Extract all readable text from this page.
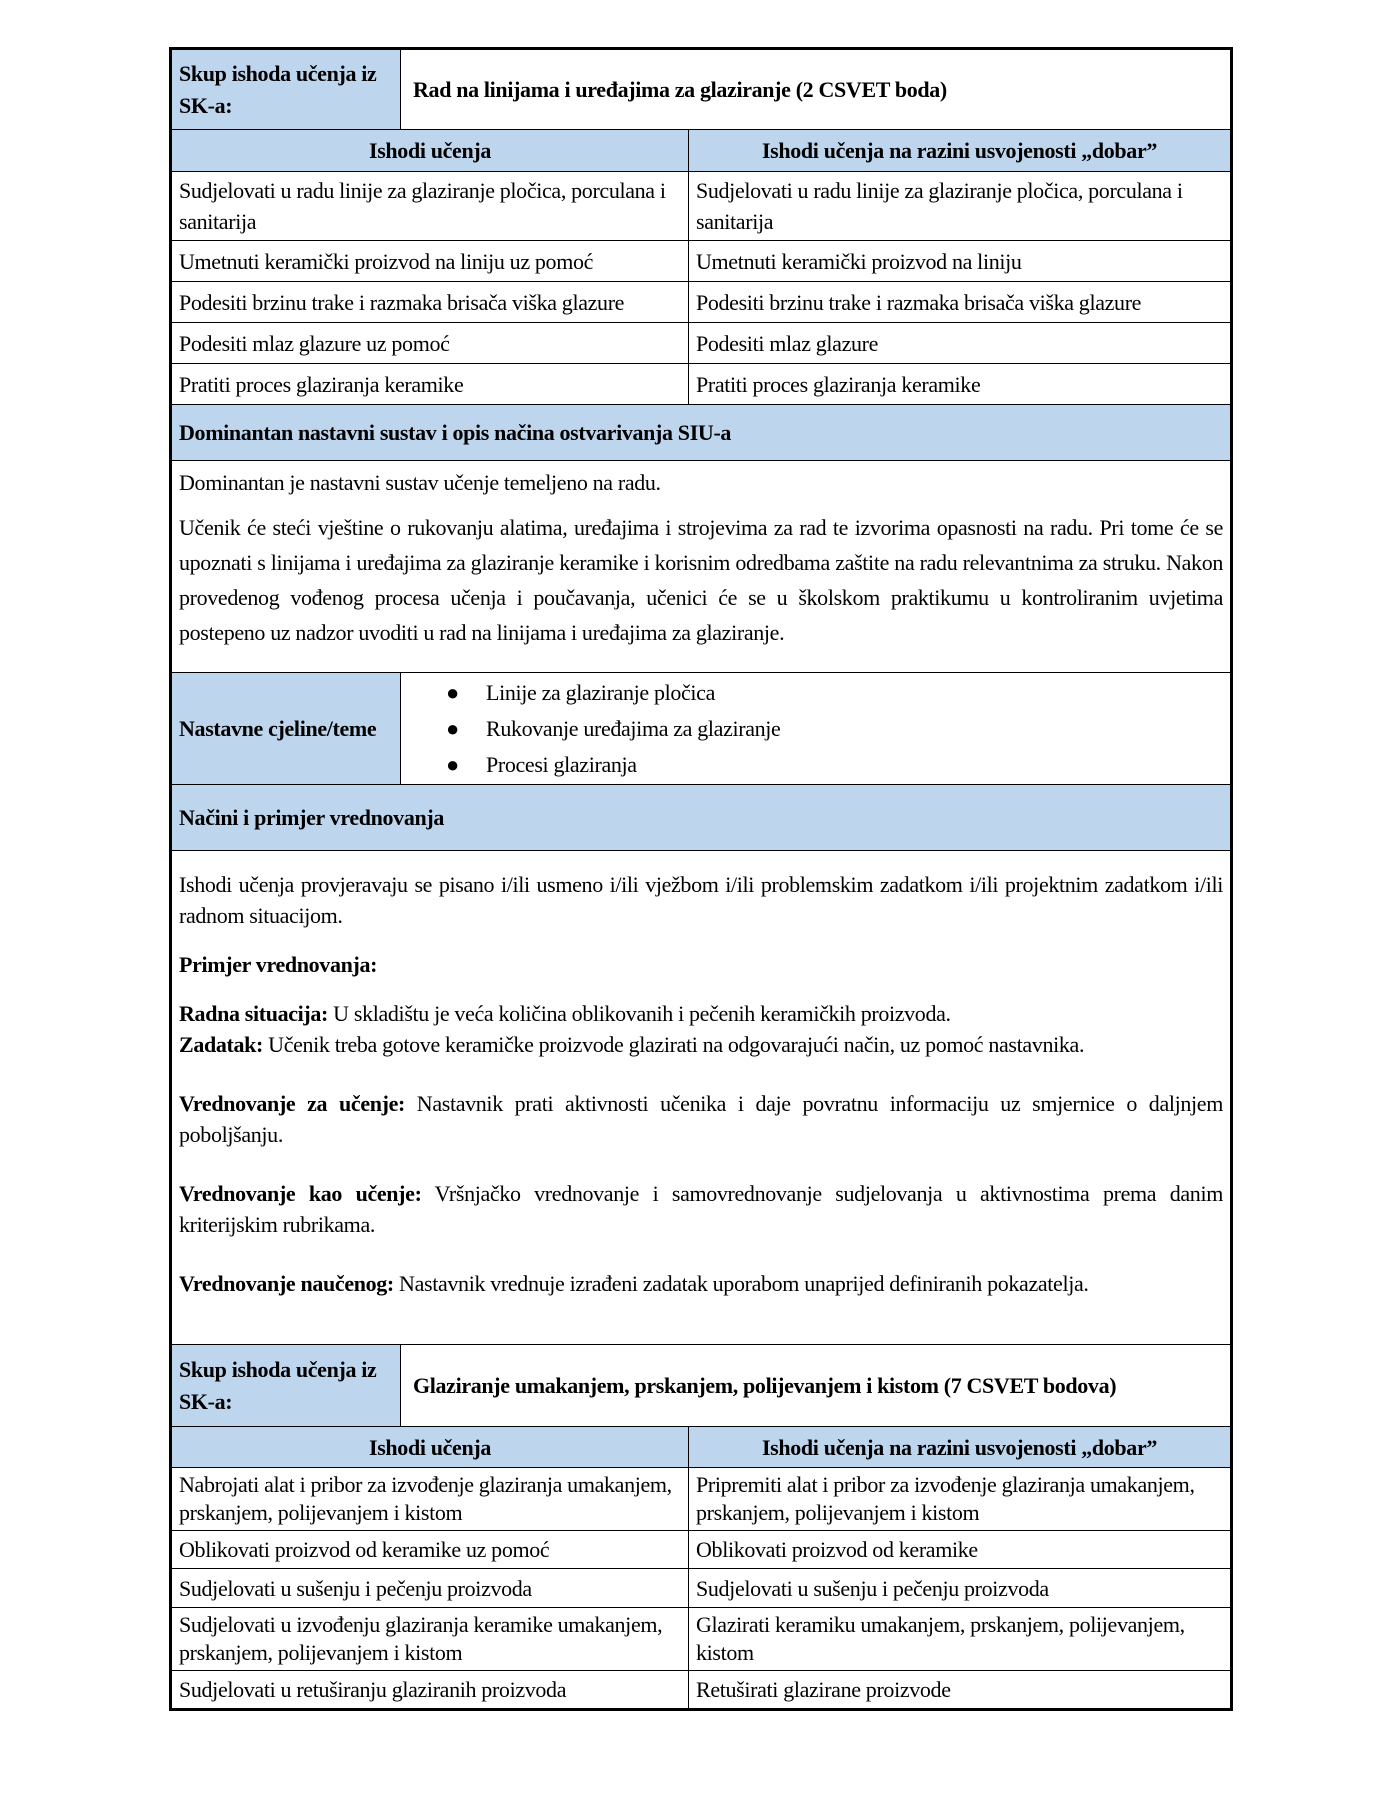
Skup ishoda učenja iz SK-a:	Rad na linijama i uređajima za glaziranje (2 CSVET boda)	
Ishodi učenja		Ishodi učenja na razini usvojenosti „dobar”
Sudjelovati u radu linije za glaziranje pločica, porculana i sanitarija		Sudjelovati u radu linije za glaziranje pločica, porculana i sanitarija
Umetnuti keramički proizvod na liniju uz pomoć		Umetnuti keramički proizvod na liniju
Podesiti brzinu trake i razmaka brisača viška glazure		Podesiti brzinu trake i razmaka brisača viška glazure
Podesiti mlaz glazure uz pomoć		Podesiti mlaz glazure
Pratiti proces glaziranja keramike		Pratiti proces glaziranja keramike
Dominantan nastavni sustav i opis načina ostvarivanja SIU-a		

Dominantan je nastavni sustav učenje temeljeno na radu.

Učenik će steći vještine o rukovanju alatima, uređajima i strojevima za rad te izvorima opasnosti na radu. Pri tome će se upoznati s linijama i uređajima za glaziranje keramike i korisnim odredbama zaštite na radu relevantnima za struku. Nakon provedenog vođenog procesa učenja i poučavanja, učenici će se u školskom praktikumu u kontroliranim uvjetima postepeno uz nadzor uvoditi u rad na linijama i uređajima za glaziranje.		

Nastavne cjeline/teme	
● Linije za glaziranje pločica
● Rukovanje uređajima za glaziranje
● Procesi glaziranja

Načini i primjer vrednovanja		

Ishodi učenja provjeravaju se pisano i/ili usmeno i/ili vježbom i/ili problemskim zadatkom i/ili projektnim zadatkom i/ili radnom situacijom.

Primjer vrednovanja:

Radna situacija: U skladištu je veća količina oblikovanih i pečenih keramičkih proizvoda.

Zadatak: Učenik treba gotove keramičke proizvode glazirati na odgovarajući način, uz pomoć nastavnika.

Vrednovanje za učenje: Nastavnik prati aktivnosti učenika i daje povratnu informaciju uz smjernice o daljnjem poboljšanju.

Vrednovanje kao učenje: Vršnjačko vrednovanje i samovrednovanje sudjelovanja u aktivnostima prema danim kriterijskim rubrikama.

Vrednovanje naučenog: Nastavnik vrednuje izrađeni zadatak uporabom unaprijed definiranih pokazatelja.

Skup ishoda učenja iz SK-a:	Glaziranje umakanjem, prskanjem, polijevanjem i kistom (7 CSVET bodova)	
Ishodi učenja		Ishodi učenja na razini usvojenosti „dobar”
Nabrojati alat i pribor za izvođenje glaziranja umakanjem, prskanjem, polijevanjem i kistom		Pripremiti alat i pribor za izvođenje glaziranja umakanjem, prskanjem, polijevanjem i kistom
Oblikovati proizvod od keramike uz pomoć		Oblikovati proizvod od keramike
Sudjelovati u sušenju i pečenju proizvoda		Sudjelovati u sušenju i pečenju proizvoda
Sudjelovati u izvođenju glaziranja keramike umakanjem, prskanjem, polijevanjem i kistom		Glazirati keramiku umakanjem, prskanjem, polijevanjem, kistom
Sudjelovati u retuširanju glaziranih proizvoda		Retuširati glazirane proizvode
